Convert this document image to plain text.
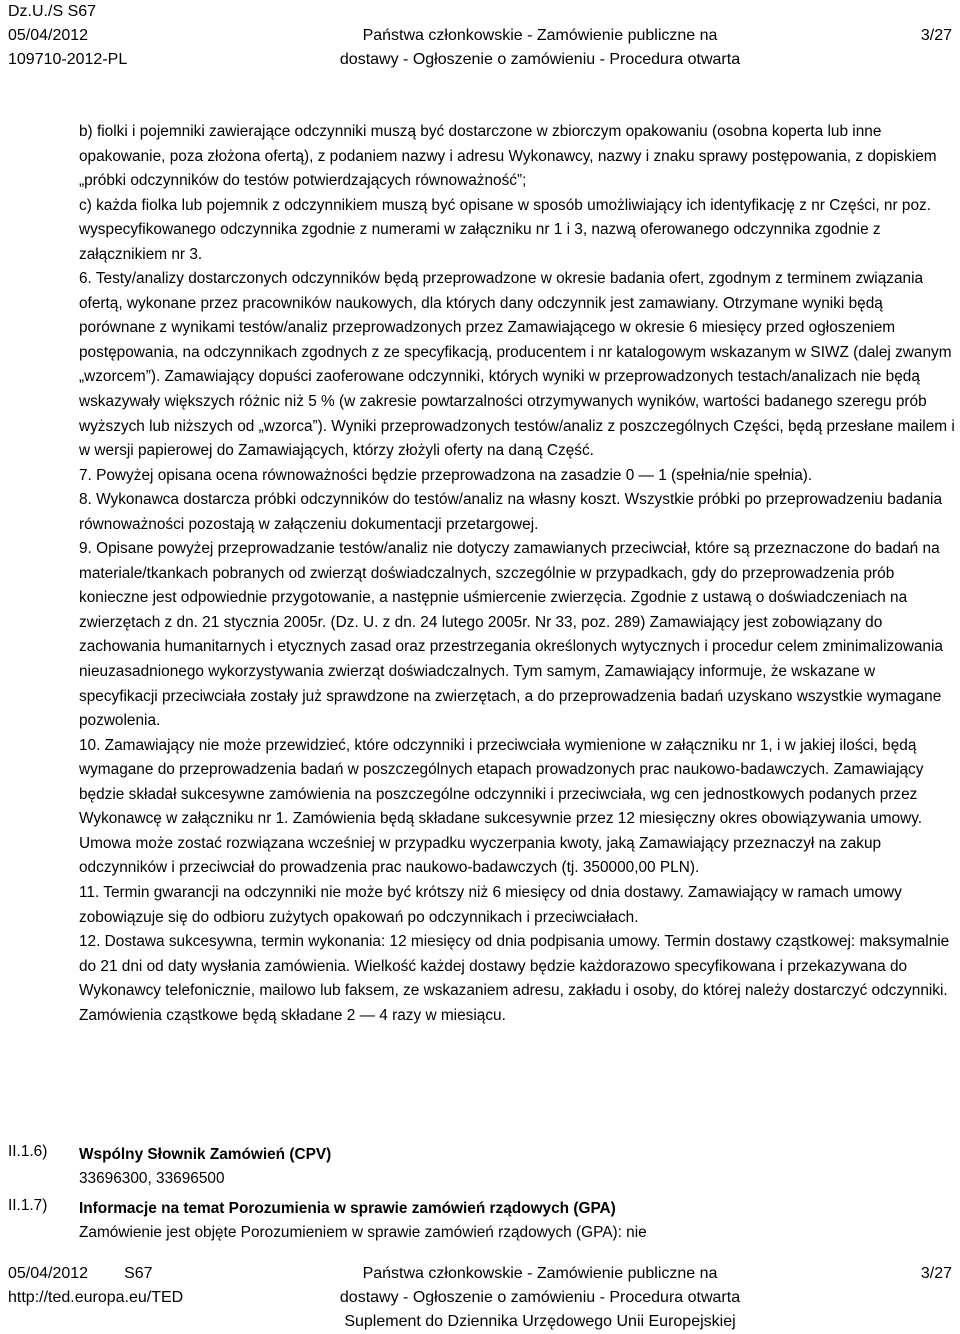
Dz.U./S S67
05/04/2012
109710-2012-PL
Państwa członkowskie - Zamówienie publiczne na
dostawy - Ogłoszenie o zamówieniu - Procedura otwarta
3/27

b) fiolki i pojemniki zawierające odczynniki muszą być dostarczone w zbiorczym opakowaniu (osobna koperta lub inne opakowanie, poza złożona ofertą), z podaniem nazwy i adresu Wykonawcy, nazwy i znaku sprawy postępowania, z dopiskiem „próbki odczynników do testów potwierdzających równoważność”;

c) każda fiolka lub pojemnik z odczynnikiem muszą być opisane w sposób umożliwiający ich identyfikację z nr Części, nr poz. wyspecyfikowanego odczynnika zgodnie z numerami w załączniku nr 1 i 3, nazwą oferowanego odczynnika zgodnie z załącznikiem nr 3.

6. Testy/analizy dostarczonych odczynników będą przeprowadzone w okresie badania ofert, zgodnym z terminem związania ofertą, wykonane przez pracowników naukowych, dla których dany odczynnik jest zamawiany. Otrzymane wyniki będą porównane z wynikami testów/analiz przeprowadzonych przez Zamawiającego w okresie 6 miesięcy przed ogłoszeniem postępowania, na odczynnikach zgodnych z ze specyfikacją, producentem i nr katalogowym wskazanym w SIWZ (dalej zwanym „wzorcem”). Zamawiający dopuści zaoferowane odczynniki, których wyniki w przeprowadzonych testach/analizach nie będą wskazywały większych różnic niż 5 % (w zakresie powtarzalności otrzymywanych wyników, wartości badanego szeregu prób wyższych lub niższych od „wzorca”). Wyniki przeprowadzonych testów/analiz z poszczególnych Części, będą przesłane mailem i w wersji papierowej do Zamawiających, którzy złożyli oferty na daną Część.

7. Powyżej opisana ocena równoważności będzie przeprowadzona na zasadzie 0 — 1 (spełnia/nie spełnia).

8. Wykonawca dostarcza próbki odczynników do testów/analiz na własny koszt. Wszystkie próbki po przeprowadzeniu badania równoważności pozostają w załączeniu dokumentacji przetargowej.

9. Opisane powyżej przeprowadzanie testów/analiz nie dotyczy zamawianych przeciwciał, które są przeznaczone do badań na materiale/tkankach pobranych od zwierząt doświadczalnych, szczególnie w przypadkach, gdy do przeprowadzenia prób konieczne jest odpowiednie przygotowanie, a następnie uśmiercenie zwierzęcia. Zgodnie z ustawą o doświadczeniach na zwierzętach z dn. 21 stycznia 2005r. (Dz. U. z dn. 24 lutego 2005r. Nr 33, poz. 289) Zamawiający jest zobowiązany do zachowania humanitarnych i etycznych zasad oraz przestrzegania określonych wytycznych i procedur celem zminimalizowania nieuzasadnionego wykorzystywania zwierząt doświadczalnych. Tym samym, Zamawiający informuje, że wskazane w specyfikacji przeciwciała zostały już sprawdzone na zwierzętach, a do przeprowadzenia badań uzyskano wszystkie wymagane pozwolenia.

10. Zamawiający nie może przewidzieć, które odczynniki i przeciwciała wymienione w załączniku nr 1, i w jakiej ilości, będą wymagane do przeprowadzenia badań w poszczególnych etapach prowadzonych prac naukowo-badawczych. Zamawiający będzie składał sukcesywne zamówienia na poszczególne odczynniki i przeciwciała, wg cen jednostkowych podanych przez Wykonawcę w załączniku nr 1. Zamówienia będą składane sukcesywnie przez 12 miesięczny okres obowiązywania umowy. Umowa może zostać rozwiązana wcześniej w przypadku wyczerpania kwoty, jaką Zamawiający przeznaczył na zakup odczynników i przeciwciał do prowadzenia prac naukowo-badawczych (tj. 350000,00 PLN).

11. Termin gwarancji na odczynniki nie może być krótszy niż 6 miesięcy od dnia dostawy. Zamawiający w ramach umowy zobowiązuje się do odbioru zużytych opakowań po odczynnikach i przeciwciałach.

12. Dostawa sukcesywna, termin wykonania: 12 miesięcy od dnia podpisania umowy. Termin dostawy cząstkowej: maksymalnie do 21 dni od daty wysłania zamówienia. Wielkość każdej dostawy będzie każdorazowo specyfikowana i przekazywana do Wykonawcy telefonicznie, mailowo lub faksem, ze wskazaniem adresu, zakładu i osoby, do której należy dostarczyć odczynniki. Zamówienia cząstkowe będą składane 2 — 4 razy w miesiącu.

II.1.6) Wspólny Słownik Zamówień (CPV)
33696300, 33696500
II.1.7) Informacje na temat Porozumienia w sprawie zamówień rządowych (GPA)
Zamówienie jest objęte Porozumieniem w sprawie zamówień rządowych (GPA): nie
05/04/2012 S67
http://ted.europa.eu/TED
Państwa członkowskie - Zamówienie publiczne na
dostawy - Ogłoszenie o zamówieniu - Procedura otwarta
Suplement do Dziennika Urzędowego Unii Europejskiej
3/27
